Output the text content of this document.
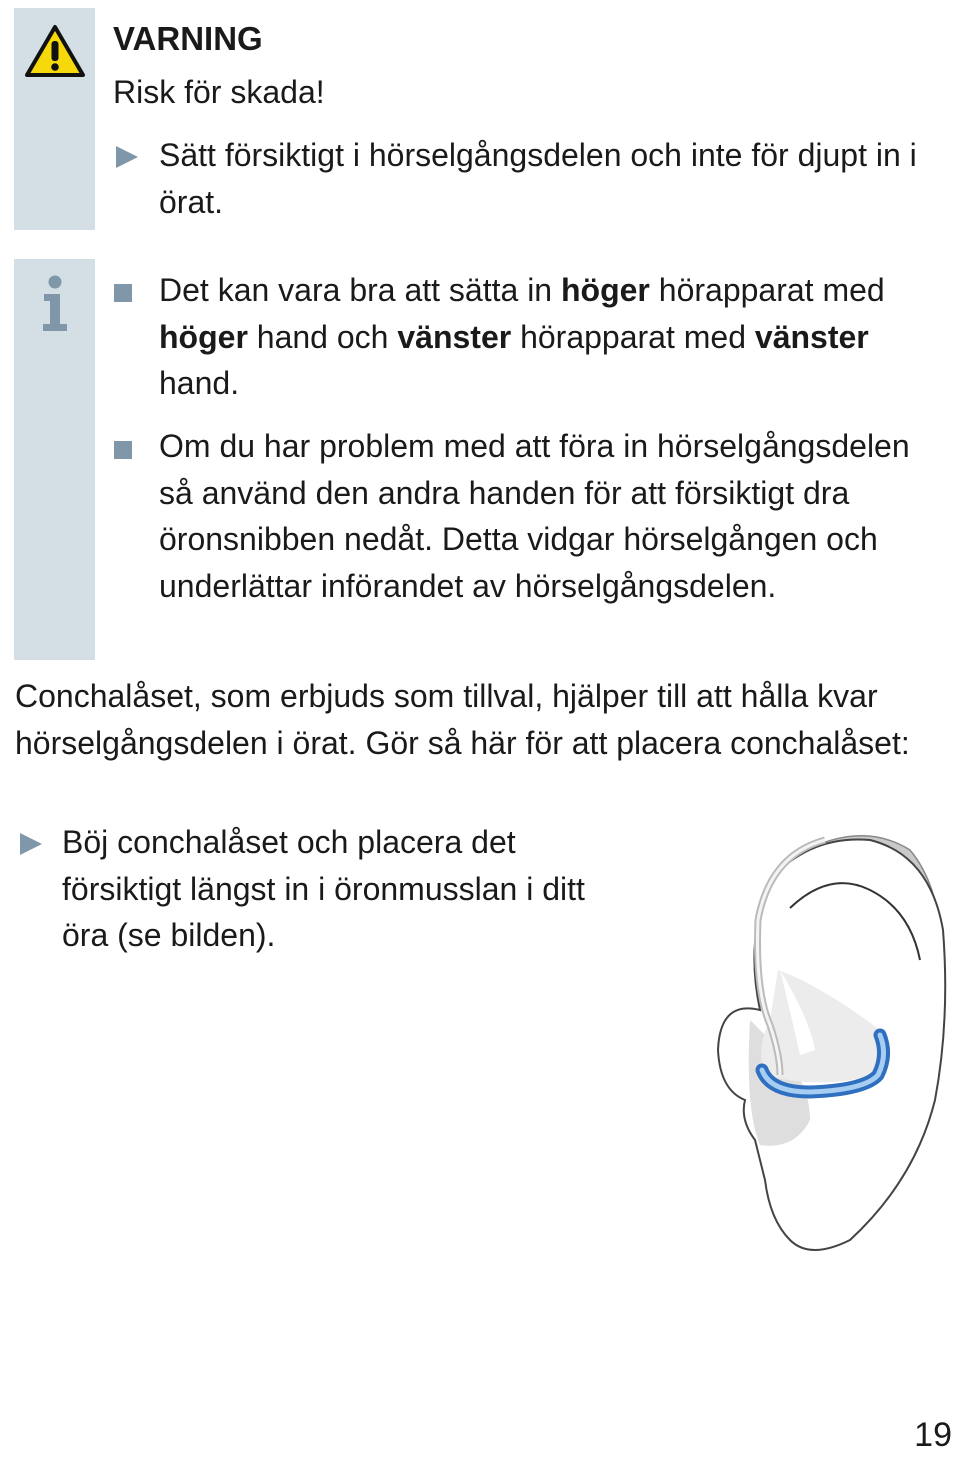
VARNING
Risk för skada!

Sätt försiktigt i hörselgångsdelen och inte för djupt in i örat.

Det kan vara bra att sätta in höger hörapparat med höger hand och vänster hörapparat med vänster hand.

Om du har problem med att föra in hörselgångsdelen så använd den andra handen för att försiktigt dra öronsnibben nedåt. Detta vidgar hörselgången och underlättar införandet av hörselgångsdelen.

Conchalåset, som erbjuds som tillval, hjälper till att hålla kvar hörselgångsdelen i örat. Gör så här för att placera conchalåset:

Böj conchalåset och placera det försiktigt längst in i öronmusslan i ditt öra (se bilden).

19
